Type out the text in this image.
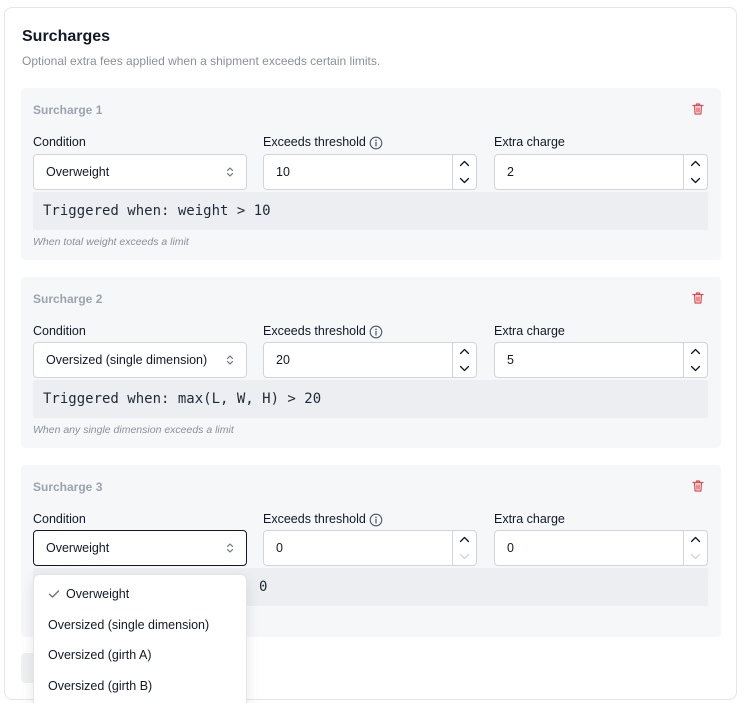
Surcharges
Optional extra fees applied when a shipment exceeds certain limits.
Surcharge 1
Condition	Exceeds threshold	Extra charge
Overweight	10	2
Triggered when: weight > 10
When total weight exceeds a limit
Surcharge 2
Condition	Exceeds threshold	Extra charge
Oversized (single dimension)	20	5
Triggered when: max(L, W, H) > 20
When any single dimension exceeds a limit
Surcharge 3
Condition	Exceeds threshold	Extra charge
Overweight	0	0
0
Overweight
Oversized (single dimension)
Oversized (girth A)
Oversized (girth B)
